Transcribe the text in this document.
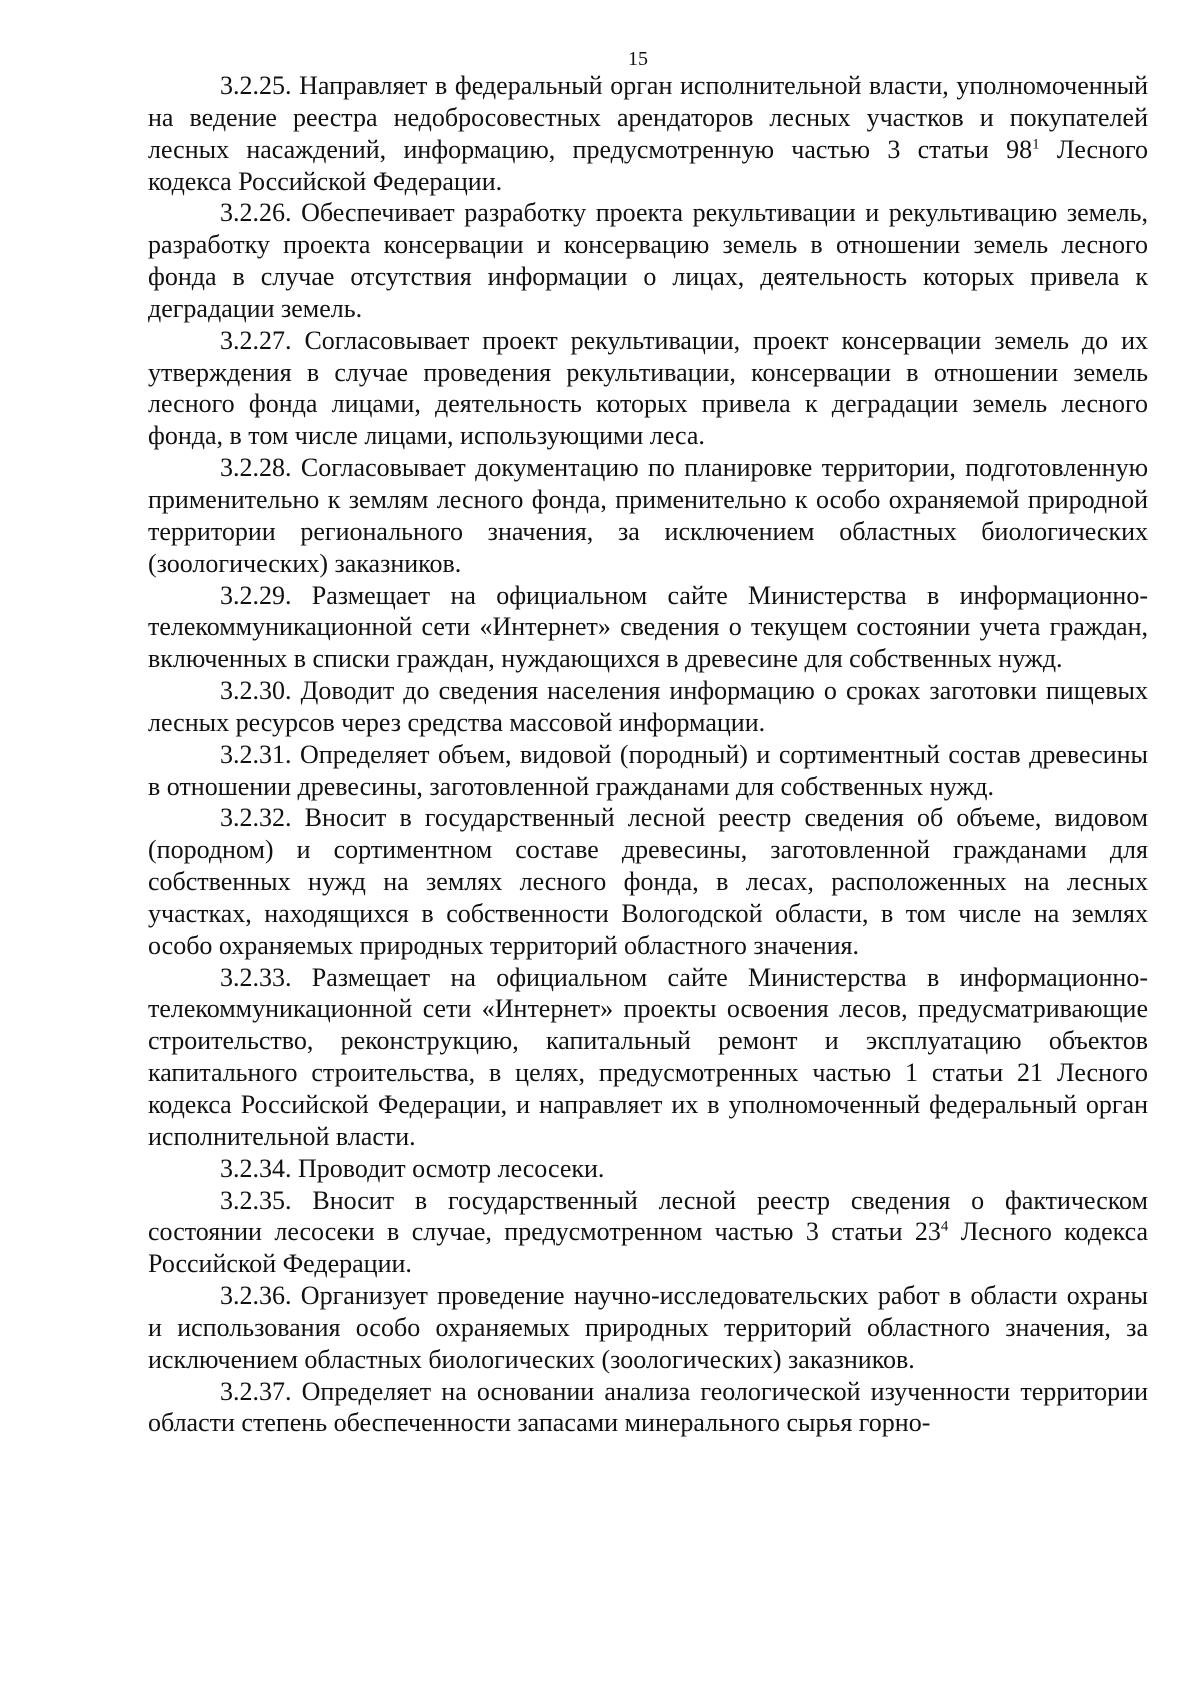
15

3.2.25. Направляет в федеральный орган исполнительной власти, уполномоченный на ведение реестра недобросовестных арендаторов лесных участков и покупателей лесных насаждений, информацию, предусмотренную частью 3 статьи $98^1$ Лесного кодекса Российской Федерации.

3.2.26. Обеспечивает разработку проекта рекультивации и рекультивацию земель, разработку проекта консервации и консервацию земель в отношении земель лесного фонда в случае отсутствия информации о лицах, деятельность которых привела к деградации земель.

3.2.27. Согласовывает проект рекультивации, проект консервации земель до их утверждения в случае проведения рекультивации, консервации в отношении земель лесного фонда лицами, деятельность которых привела к деградации земель лесного фонда, в том числе лицами, использующими леса.

3.2.28. Согласовывает документацию по планировке территории, подготовленную применительно к землям лесного фонда, применительно к особо охраняемой природной территории регионального значения, за исключением областных биологических (зоологических) заказников.

3.2.29. Размещает на официальном сайте Министерства в информационно-телекоммуникационной сети «Интернет» сведения о текущем состоянии учета граждан, включенных в списки граждан, нуждающихся в древесине для собственных нужд.

3.2.30. Доводит до сведения населения информацию о сроках заготовки пищевых лесных ресурсов через средства массовой информации.

3.2.31. Определяет объем, видовой (породный) и сортиментный состав древесины в отношении древесины, заготовленной гражданами для собственных нужд.

3.2.32. Вносит в государственный лесной реестр сведения об объеме, видовом (породном) и сортиментном составе древесины, заготовленной гражданами для собственных нужд на землях лесного фонда, в лесах, расположенных на лесных участках, находящихся в собственности Вологодской области, в том числе на землях особо охраняемых природных территорий областного значения.

3.2.33. Размещает на официальном сайте Министерства в информационно-телекоммуникационной сети «Интернет» проекты освоения лесов, предусматривающие строительство, реконструкцию, капитальный ремонт и эксплуатацию объектов капитального строительства, в целях, предусмотренных частью 1 статьи 21 Лесного кодекса Российской Федерации, и направляет их в уполномоченный федеральный орган исполнительной власти.

3.2.34. Проводит осмотр лесосеки.

3.2.35. Вносит в государственный лесной реестр сведения о фактическом состоянии лесосеки в случае, предусмотренном частью 3 статьи $23^4$ Лесного кодекса Российской Федерации.

3.2.36. Организует проведение научно-исследовательских работ в области охраны и использования особо охраняемых природных территорий областного значения, за исключением областных биологических (зоологических) заказников.

3.2.37. Определяет на основании анализа геологической изученности территории области степень обеспеченности запасами минерального сырья горно-
